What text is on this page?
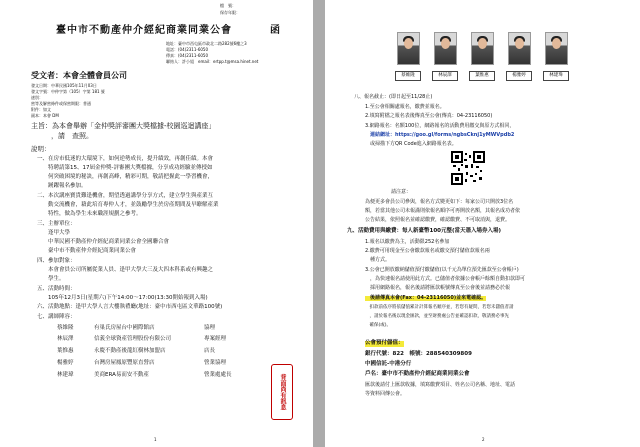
檔　號：
保存年限：
臺中市不動產仲介經紀商業同業公會	函
地址：臺中市西屯區市政北二路282號6樓之3
電話：(04)2311-6050
傳真：(04)2311-6050
聯絡人：許小姐　email：ertpp.t@msa.hinet.net
受文者：本會全體會員公司
發文日期：中華民國105年11月03日
發文字號：中仲字第（105）字第 181 號
速別：
密等及解密條件或保密期限：普通
附件：如文
副本：本會 DM
主旨：為本會舉辦「金仲獎評審團大獎檔據-校園巡迴講座」
，請　查照。
說明：
一、在房市低迷的大環境下，如何逆勢成長，提升績效，再創佳績。本會
　　特聘請第15、17屆金仲獎-評審團大獎檔據，分享成功經驗並傳授如
　　何突破困境的秘訣，再創高峰，精彩可期，敬請把握此一學習機會，
　　踴躍報名參加。
二、本次講座寶貴難逢機會，期望透過講學分享方式，建立學生與產業互
　　動交流機會，藉此培育專仲人才，並鼓勵學生於房產期間及早瞭解產業
　　特性，做為學生未來職涯規劃之參考。
三、主辦單位：
　　逢甲大學
　　中華民國不動產仲介經紀商業同業公會全國聯合會
　　臺中市不動產仲介經紀商業同業公會
四、參加對象：
　　本會會員公司所屬從業人員、逢甲大學大三及大四本科系或有興趣之
　　學生。
五、活動時間：
　　105年12月3日(星期六)下午14:00～17:00(13:30開始報到入場)
六、活動地點：逢甲大學人言大樓執禮廳(地址：臺中市西屯區文華路100號)
七、講師陣容：
蔡維隆	有巢氏房屋台中國際館店	協理
林辰澤	信義全球資產管理股份有限公司	專案經理
葉惟惠	永慶不動產後龍紅樹林加盟店	店長
楊雅婷	台灣房屋鳳原豐原直營店	營業協理
林建瑋	美商ERA易而安不動產	營業處處長	背面尚有訊息
1
蔡維隆	林辰澤	葉惟惠	楊雅婷	林建瑋
八、報名截止：(即日起至11/28止)
1.至公會相關處報名，繳費並報名。
2.填寫附檔之報名表後傳真至公會(傳真：04-23116050)
3.網路報名：名額100位，網路報名的活動費用繳交與原方式相同，
　連結網址：https://goo.gl/forms/ngbsCknj1yMWVpdb2
　或掃描下方QR Code進入網路報名表。
請注意：
為便更多會員公司參與，報名方式變更如下：每家公司只開放3位名
額，若當其他公司未報滿則依報名順序可再開放名額，其報名成功者依
公告結果，依照報名並確認繳費，確認繳費、不可取消與，退費。
九、活動費用與繳費：每人新臺幣100元整(當天憑入場券入場)
1.報名以繳費為主，活動限252名參加
2.繳費可用現金至公會繳款報名或繳交預付儲值款報名兩
　種方式。
3.公會已開放繳納儲值預付繳儲值(以千元為單位預先匯款至公會帳戶)
　，為快速報名請使用此方式。已儲值者依據公會帳戶餘額自動扣款即可
　採用網路報名，報名後請將匯款帳號傳真至公會後並請務必於報
　後請傳真本會(Fax：04-23116050)並來電確認。
　扣款前依序將依儲值累計計算報名順序並，若您有疑問，若您未儲值者請
　，請於報名後以現金匯款，並至財務處公告並確認扣款，敬請務必事先
　確保(或)。
公會預付儲值：
銀行代號：822　帳號：288540309809
中國信託-中港分行
戶名：臺中市不動產仲介經紀商業同業公會
匯款後請付上匯款收據，填寫繳費項目、姓名公司名稱、地址、電話
等資料回傳公會。
2
